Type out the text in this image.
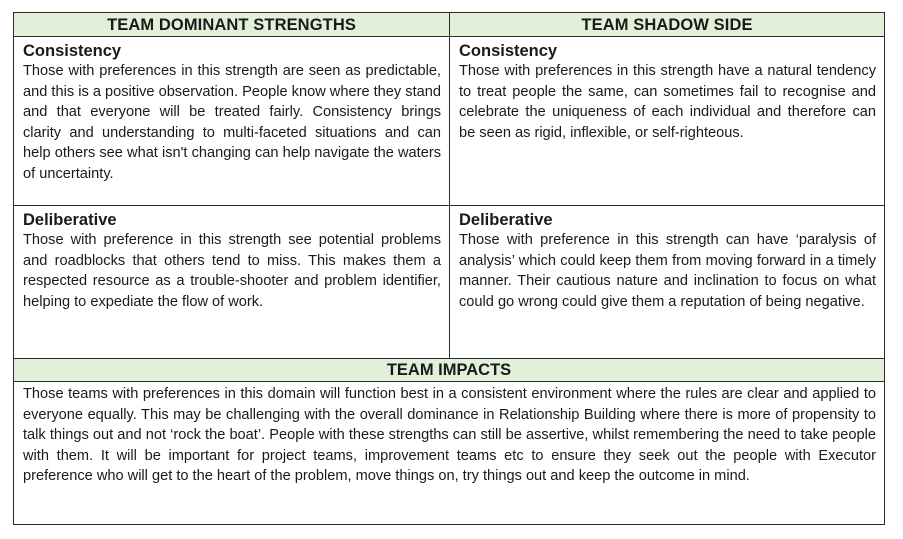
TEAM DOMINANT STRENGTHS	TEAM SHADOW SIDE

Consistency

Those with preferences in this strength are seen as predictable, and this is a positive observation. People know where they stand and that everyone will be treated fairly. Consistency brings clarity and understanding to multi-faceted situations and can help others see what isn't changing can help navigate the waters of uncertainty.

Consistency

Those with preferences in this strength have a natural tendency to treat people the same, can sometimes fail to recognise and celebrate the uniqueness of each individual and therefore can be seen as rigid, inflexible, or self-righteous.

Deliberative

Those with preference in this strength see potential problems and roadblocks that others tend to miss. This makes them a respected resource as a trouble-shooter and problem identifier, helping to expediate the flow of work.

Deliberative

Those with preference in this strength can have ‘paralysis of analysis’ which could keep them from moving forward in a timely manner. Their cautious nature and inclination to focus on what could go wrong could give them a reputation of being negative.

TEAM IMPACTS
Those teams with preferences in this domain will function best in a consistent environment where the rules are clear and applied to everyone equally. This may be challenging with the overall dominance in Relationship Building where there is more of propensity to talk things out and not ‘rock the boat’. People with these strengths can still be assertive, whilst remembering the need to take people with them. It will be important for project teams, improvement teams etc to ensure they seek out the people with Executor preference who will get to the heart of the problem, move things on, try things out and keep the outcome in mind.
